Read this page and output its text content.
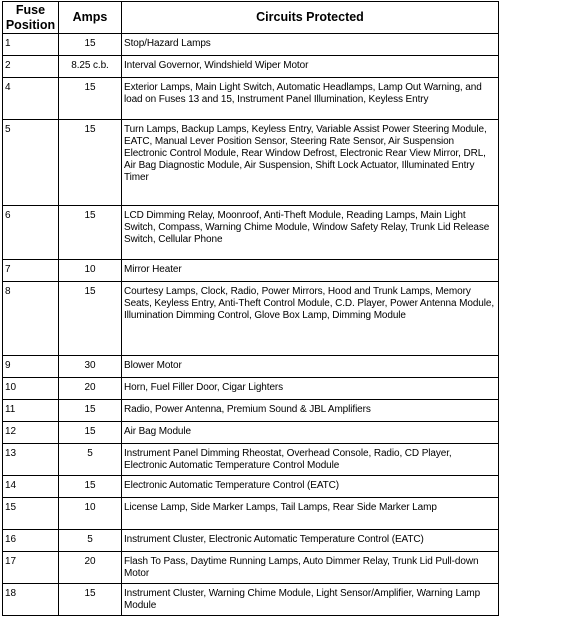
Fuse Position	Amps	Circuits Protected
1	15	Stop/Hazard Lamps
2	8.25 c.b.	Interval Governor, Windshield Wiper Motor
4	15	Exterior Lamps, Main Light Switch, Automatic Headlamps, Lamp Out Warning, and load on Fuses 13 and 15, Instrument Panel Illumination, Keyless Entry
5	15	Turn Lamps, Backup Lamps, Keyless Entry, Variable Assist Power Steering Module, EATC, Manual Lever Position Sensor, Steering Rate Sensor, Air Suspension Electronic Control Module, Rear Window Defrost, Electronic Rear View Mirror, DRL, Air Bag Diagnostic Module, Air Suspension, Shift Lock Actuator, Illuminated Entry Timer
6	15	LCD Dimming Relay, Moonroof, Anti-Theft Module, Reading Lamps, Main Light Switch, Compass, Warning Chime Module, Window Safety Relay, Trunk Lid Release Switch, Cellular Phone
7	10	Mirror Heater
8	15	Courtesy Lamps, Clock, Radio, Power Mirrors, Hood and Trunk Lamps, Memory Seats, Keyless Entry, Anti-Theft Control Module, C.D. Player, Power Antenna Module, Illumination Dimming Control, Glove Box Lamp, Dimming Module
9	30	Blower Motor
10	20	Horn, Fuel Filler Door, Cigar Lighters
11	15	Radio, Power Antenna, Premium Sound & JBL Amplifiers
12	15	Air Bag Module
13	5	Instrument Panel Dimming Rheostat, Overhead Console, Radio, CD Player, Electronic Automatic Temperature Control Module
14	15	Electronic Automatic Temperature Control (EATC)
15	10	License Lamp, Side Marker Lamps, Tail Lamps, Rear Side Marker Lamp
16	5	Instrument Cluster, Electronic Automatic Temperature Control (EATC)
17	20	Flash To Pass, Daytime Running Lamps, Auto Dimmer Relay, Trunk Lid Pull-down Motor
18	15	Instrument Cluster, Warning Chime Module, Light Sensor/Amplifier, Warning Lamp Module
